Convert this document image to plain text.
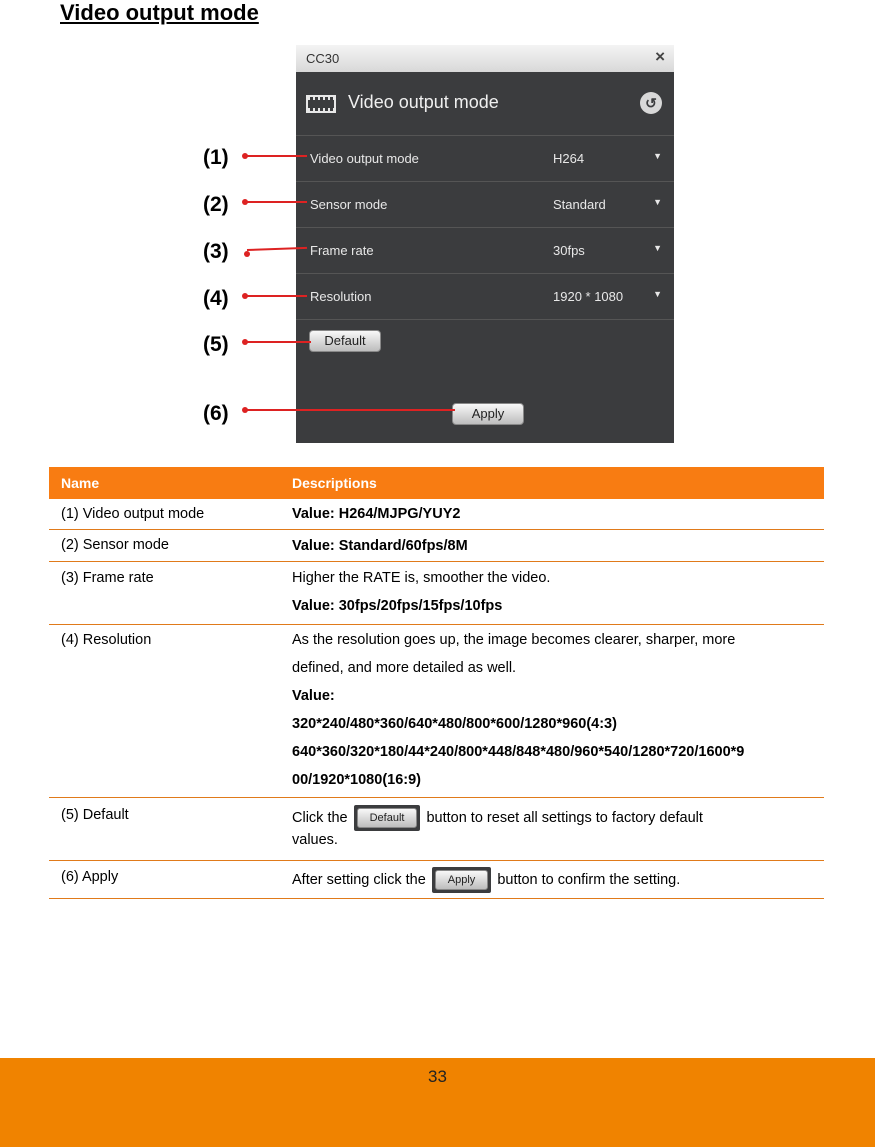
Video output mode
CC30	×
Video output mode	↺
Video output mode	H264	▼
Sensor mode	Standard	▼
Frame rate	30fps	▼
Resolution	1920 * 1080	▼
Default
Apply
(1)
(2)
(3)
(4)
(5)
(6)
Name	Descriptions
(1) Video output mode	Value: H264/MJPG/YUY2
(2) Sensor mode	Value: Standard/60fps/8M
(3) Frame rate	Higher the RATE is, smoother the video.
Value: 30fps/20fps/15fps/10fps
(4) Resolution	As the resolution goes up, the image becomes clearer, sharper, more
defined, and more detailed as well.
Value:
320*240/480*360/640*480/800*600/1280*960(4:3)
640*360/320*180/44*240/800*448/848*480/960*540/1280*720/1600*9
00/1920*1080(16:9)
(5) Default	Click the	Default	button to reset all settings to factory default
values.
(6) Apply	After setting click the	Apply	button to confirm the setting.
33
